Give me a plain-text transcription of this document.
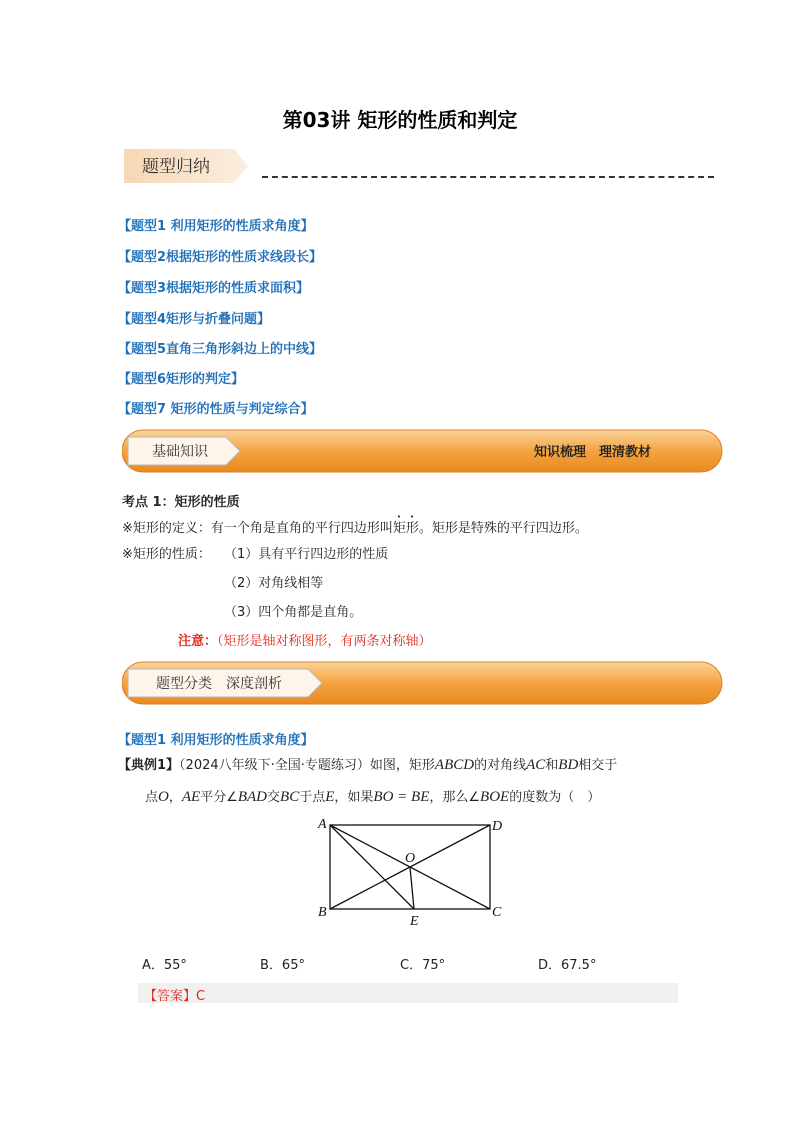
第03讲 矩形的性质和判定
题型归纳
【题型1 利用矩形的性质求角度】
【题型2根据矩形的性质求线段长】
【题型3根据矩形的性质求面积】
【题型4矩形与折叠问题】
【题型5直角三角形斜边上的中线】
【题型6矩形的判定】
【题型7 矩形的性质与判定综合】
基础知识	知识梳理　理清教材
考点 1：矩形的性质
※矩形的定义：有一个角是直角的平行四边形叫矩形。矩形是特殊的平行四边形。
※矩形的性质： （1）具有平行四边形的性质
（2）对角线相等
（3）四个角都是直角。
注意：（矩形是轴对称图形，有两条对称轴）
题型分类　深度剖析
【题型1 利用矩形的性质求角度】
【典例1】（2024八年级下·全国·专题练习）如图，矩形ABCD的对角线AC和BD相交于
点O，AE平分∠BAD交BC于点E，如果BO = BE，那么∠BOE的度数为（　）
A	D
B	C
O
E
A．55°	B．65°	C．75°	D．67.5°
【答案】C
